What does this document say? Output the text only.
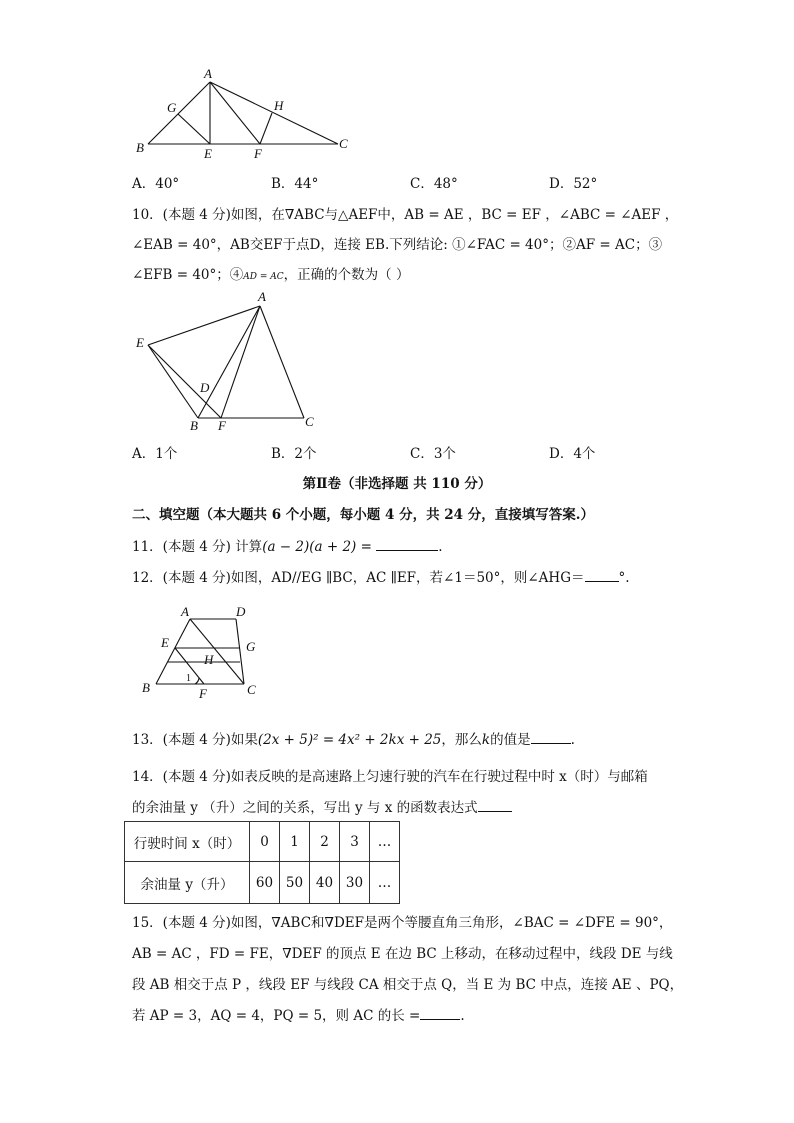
A
G	H
B	E	F
C
A．40°	B．44°	C．48°	D．52°
10．(本题 4 分)如图，在∇ABC与△AEF中，AB = AE ，BC = EF ，∠ABC = ∠AEF ，
∠EAB = 40°，AB交EF于点D，连接 EB.下列结论: ①∠FAC = 40°；②AF = AC；③
∠EFB = 40°；④AD = AC，正确的个数为（ ）
A
E
D
B F	C
A．1个	B．2个	C．3个	D．4个
第Ⅱ卷（非选择题 共 110 分）
二、填空题（本大题共 6 个小题，每小题 4 分，共 24 分，直接填写答案.）
11．(本题 4 分) 计算(a − 2)(a + 2) =	.
12．(本题 4 分)如图，AD//EG ∥BC，AC ∥EF，若∠1＝50°，则∠AHG＝	°.
A	D
E	G
H
1
B	F	C
13．(本题 4 分)如果(2x + 5)² = 4x² + 2kx + 25，那么k的值是	.
14．(本题 4 分)如表反映的是高速路上匀速行驶的汽车在行驶过程中时 x（时）与邮箱
的余油量 y （升）之间的关系，写出 y 与 x 的函数表达式
行驶时间 x（时）	0	1	2	3	…
余油量 y（升）	60	50	40	30	…
15．(本题 4 分)如图，∇ABC和∇DEF是两个等腰直角三角形，∠BAC = ∠DFE = 90°，
AB = AC ，FD = FE，∇DEF 的顶点 E 在边 BC 上移动，在移动过程中，线段 DE 与线
段 AB 相交于点 P ，线段 EF 与线段 CA 相交于点 Q，当 E 为 BC 中点，连接 AE 、PQ，
若 AP = 3，AQ = 4，PQ = 5，则 AC 的长 =	.
